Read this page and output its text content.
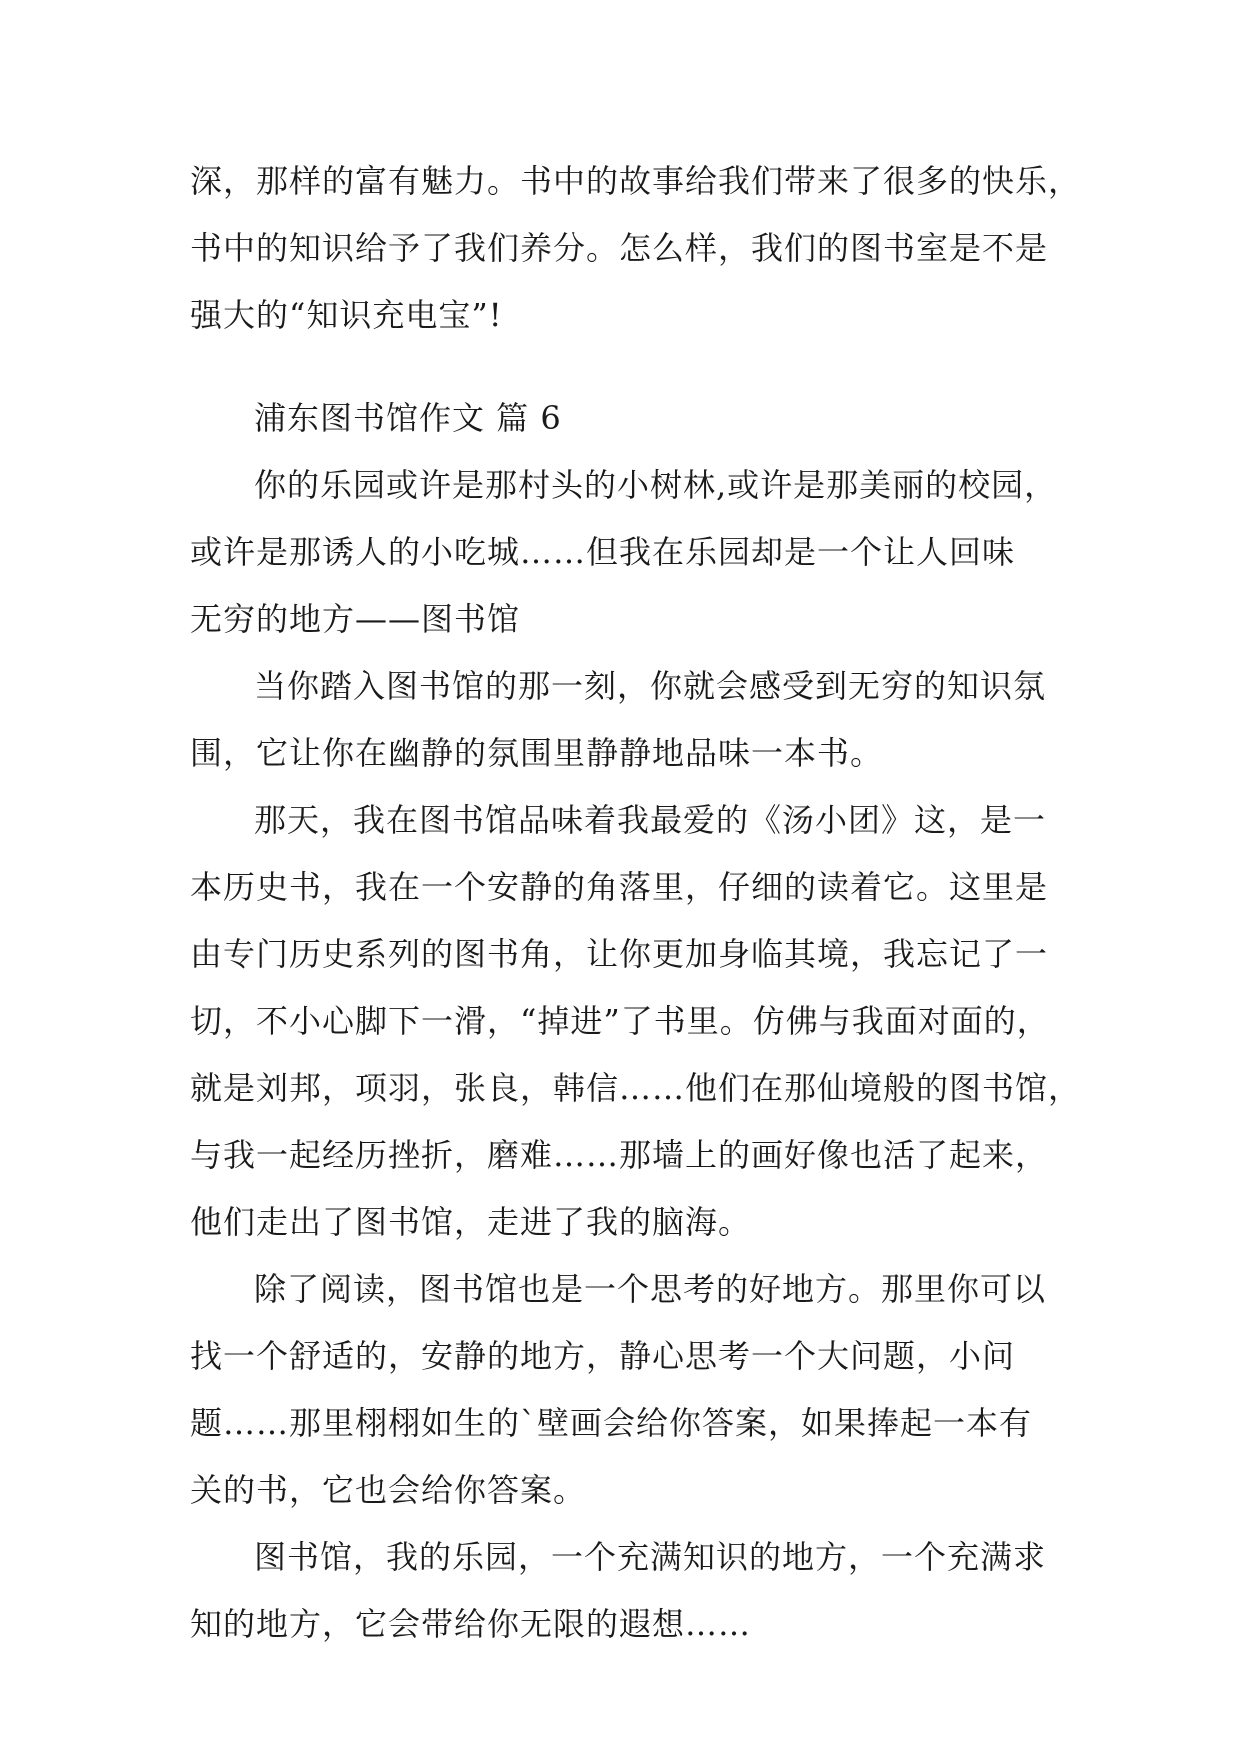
深，那样的富有魅力。书中的故事给我们带来了很多的快乐，
书中的知识给予了我们养分。怎么样，我们的图书室是不是
强大的“知识充电宝”!
浦东图书馆作文 篇 6
你的乐园或许是那村头的小树林,或许是那美丽的校园，
或许是那诱人的小吃城……但我在乐园却是一个让人回味
无穷的地方——图书馆
当你踏入图书馆的那一刻，你就会感受到无穷的知识氛
围，它让你在幽静的氛围里静静地品味一本书。
那天，我在图书馆品味着我最爱的《汤小团》这，是一
本历史书，我在一个安静的角落里，仔细的读着它。这里是
由专门历史系列的图书角，让你更加身临其境，我忘记了一
切，不小心脚下一滑，“掉进”了书里。仿佛与我面对面的，
就是刘邦，项羽，张良，韩信……他们在那仙境般的图书馆，
与我一起经历挫折，磨难……那墙上的画好像也活了起来，
他们走出了图书馆，走进了我的脑海。
除了阅读，图书馆也是一个思考的好地方。那里你可以
找一个舒适的，安静的地方，静心思考一个大问题，小问
题……那里栩栩如生的`壁画会给你答案，如果捧起一本有
关的书，它也会给你答案。
图书馆，我的乐园，一个充满知识的地方，一个充满求
知的地方，它会带给你无限的遐想……
